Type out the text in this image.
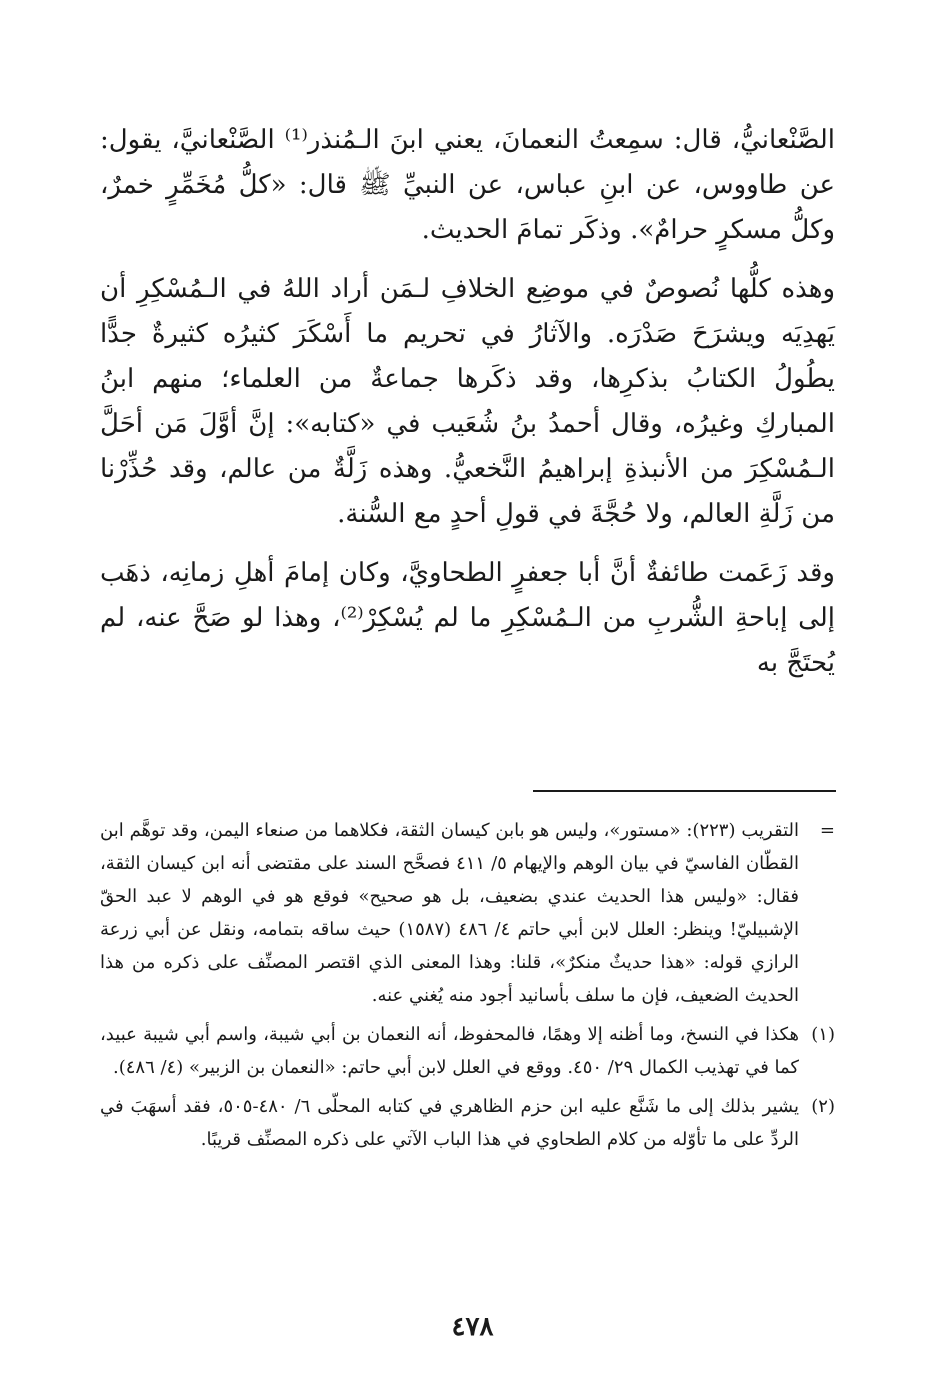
الصَّنْعانيُّ، قال: سمِعتُ النعمانَ، يعني ابنَ الـمُنذر⁽¹⁾ الصَّنْعانيَّ، يقول: عن طاووس، عن ابنِ عباس، عن النبيِّ ﷺ قال: «كلُّ مُخَمِّرٍ خمرٌ، وكلُّ مسكرٍ حرامٌ». وذكَر تمامَ الحديث.

وهذه كلُّها نُصوصٌ في موضِع الخلافِ لـمَن أراد اللهُ في الـمُسْكِرِ أن يَهدِيَه ويشرَحَ صَدْرَه. والآثارُ في تحريم ما أَسْكَرَ كثيرُه كثيرةٌ جدًّا يطُولُ الكتابُ بذكرِها، وقد ذكَرها جماعةٌ من العلماء؛ منهم ابنُ المباركِ وغيرُه، وقال أحمدُ بنُ شُعَيب في «كتابه»: إنَّ أوَّلَ مَن أحَلَّ الـمُسْكِرَ من الأنبذةِ إبراهيمُ النَّخعيُّ. وهذه زَلَّةٌ من عالم، وقد حُذِّرْنا من زَلَّةِ العالم، ولا حُجَّةَ في قولِ أحدٍ مع السُّنة.

وقد زَعَمت طائفةٌ أنَّ أبا جعفرٍ الطحاويَّ، وكان إمامَ أهلِ زمانِه، ذهَب إلى إباحةِ الشُّربِ من الـمُسْكِرِ ما لم يُسْكِرْ⁽²⁾، وهذا لو صَحَّ عنه، لم يُحتَجَّ به

=
التقريب (٢٢٣): «مستور»، وليس هو بابن كيسان الثقة، فكلاهما من صنعاء اليمن، وقد توهَّم ابن القطّان الفاسيّ في بيان الوهم والإيهام ٥/ ٤١١ فصحَّح السند على مقتضى أنه ابن كيسان الثقة، فقال: «وليس هذا الحديث عندي بضعيف، بل هو صحيح» فوقع هو في الوهم لا عبد الحقّ الإشبيليّ! وينظر: العلل لابن أبي حاتم ٤/ ٤٨٦ (١٥٨٧) حيث ساقه بتمامه، ونقل عن أبي زرعة الرازي قوله: «هذا حديثٌ منكرٌ»، قلنا: وهذا المعنى الذي اقتصر المصنِّف على ذكره من هذا الحديث الضعيف، فإن ما سلف بأسانيد أجود منه يُغني عنه.
(١)
هكذا في النسخ، وما أظنه إلا وهمًا، فالمحفوظ، أنه النعمان بن أبي شيبة، واسم أبي شيبة عبيد، كما في تهذيب الكمال ٢٩/ ٤٥٠. ووقع في العلل لابن أبي حاتم: «النعمان بن الزبير» (٤/ ٤٨٦).
(٢)
يشير بذلك إلى ما شَنَّع عليه ابن حزم الظاهري في كتابه المحلّى ٦/ ٤٨٠-٥٠٥، فقد أسهَبَ في الردِّ على ما تأوّله من كلام الطحاوي في هذا الباب الآتي على ذكره المصنِّف قريبًا.
٤٧٨
